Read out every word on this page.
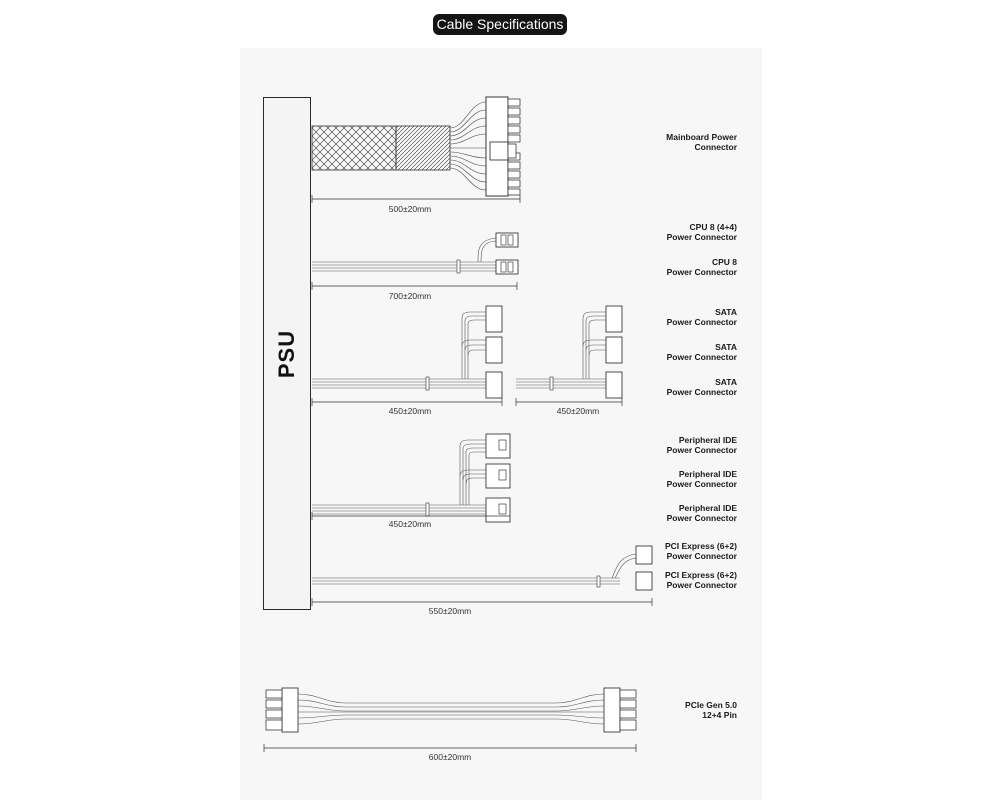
Cable Specifications
PSU
500±20mm
700±20mm
450±20mm	450±20mm
450±20mm
550±20mm
600±20mm
Mainboard Power
Connector
CPU 8 (4+4)
Power Connector
CPU 8
Power Connector
SATA
Power Connector
SATA
Power Connector
SATA
Power Connector
Peripheral IDE
Power Connector
Peripheral IDE
Power Connector
Peripheral IDE
Power Connector
PCI Express (6+2)
Power Connector
PCI Express (6+2)
Power Connector
PCIe Gen 5.0
12+4 Pin
